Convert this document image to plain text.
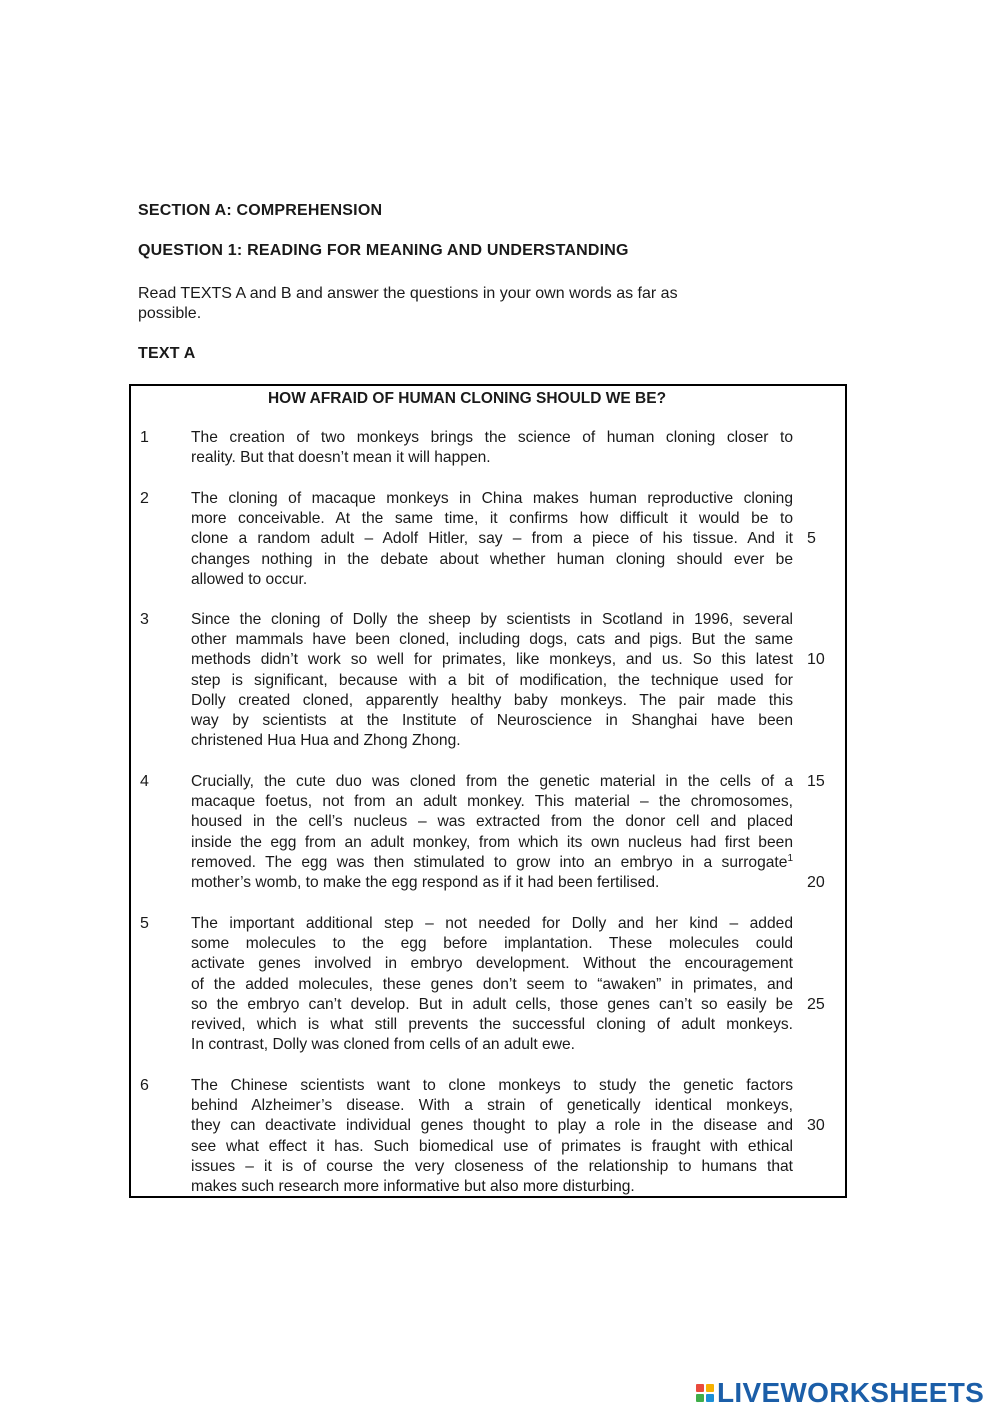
SECTION A: COMPREHENSION
QUESTION 1: READING FOR MEANING AND UNDERSTANDING
Read TEXTS A and B and answer the questions in your own words as far as
possible.
TEXT A
HOW AFRAID OF HUMAN CLONING SHOULD WE BE?
1	The creation of two monkeys brings the science of human cloning closer to
reality. But that doesn’t mean it will happen.
2	The cloning of macaque monkeys in China makes human reproductive cloning
more conceivable. At the same time, it confirms how difficult it would be to
clone a random adult – Adolf Hitler, say – from a piece of his tissue. And it
changes nothing in the debate about whether human cloning should ever be
allowed to occur.
5
3	Since the cloning of Dolly the sheep by scientists in Scotland in 1996, several
other mammals have been cloned, including dogs, cats and pigs. But the same
methods didn’t work so well for primates, like monkeys, and us. So this latest
step is significant, because with a bit of modification, the technique used for
Dolly created cloned, apparently healthy baby monkeys. The pair made this
way by scientists at the Institute of Neuroscience in Shanghai have been
christened Hua Hua and Zhong Zhong.
10
4	Crucially, the cute duo was cloned from the genetic material in the cells of a
macaque foetus, not from an adult monkey. This material – the chromosomes,
housed in the cell’s nucleus – was extracted from the donor cell and placed
inside the egg from an adult monkey, from which its own nucleus had first been
removed. The egg was then stimulated to grow into an embryo in a surrogate$^1$
mother’s womb, to make the egg respond as if it had been fertilised.
15
20
5	The important additional step – not needed for Dolly and her kind – added
some molecules to the egg before implantation. These molecules could
activate genes involved in embryo development. Without the encouragement
of the added molecules, these genes don’t seem to “awaken” in primates, and
so the embryo can’t develop. But in adult cells, those genes can’t so easily be
revived, which is what still prevents the successful cloning of adult monkeys.
In contrast, Dolly was cloned from cells of an adult ewe.
25
6	The Chinese scientists want to clone monkeys to study the genetic factors
behind Alzheimer’s disease. With a strain of genetically identical monkeys,
they can deactivate individual genes thought to play a role in the disease and
see what effect it has. Such biomedical use of primates is fraught with ethical
issues – it is of course the very closeness of the relationship to humans that
makes such research more informative but also more disturbing.
30
LIVEWORKSHEETS
